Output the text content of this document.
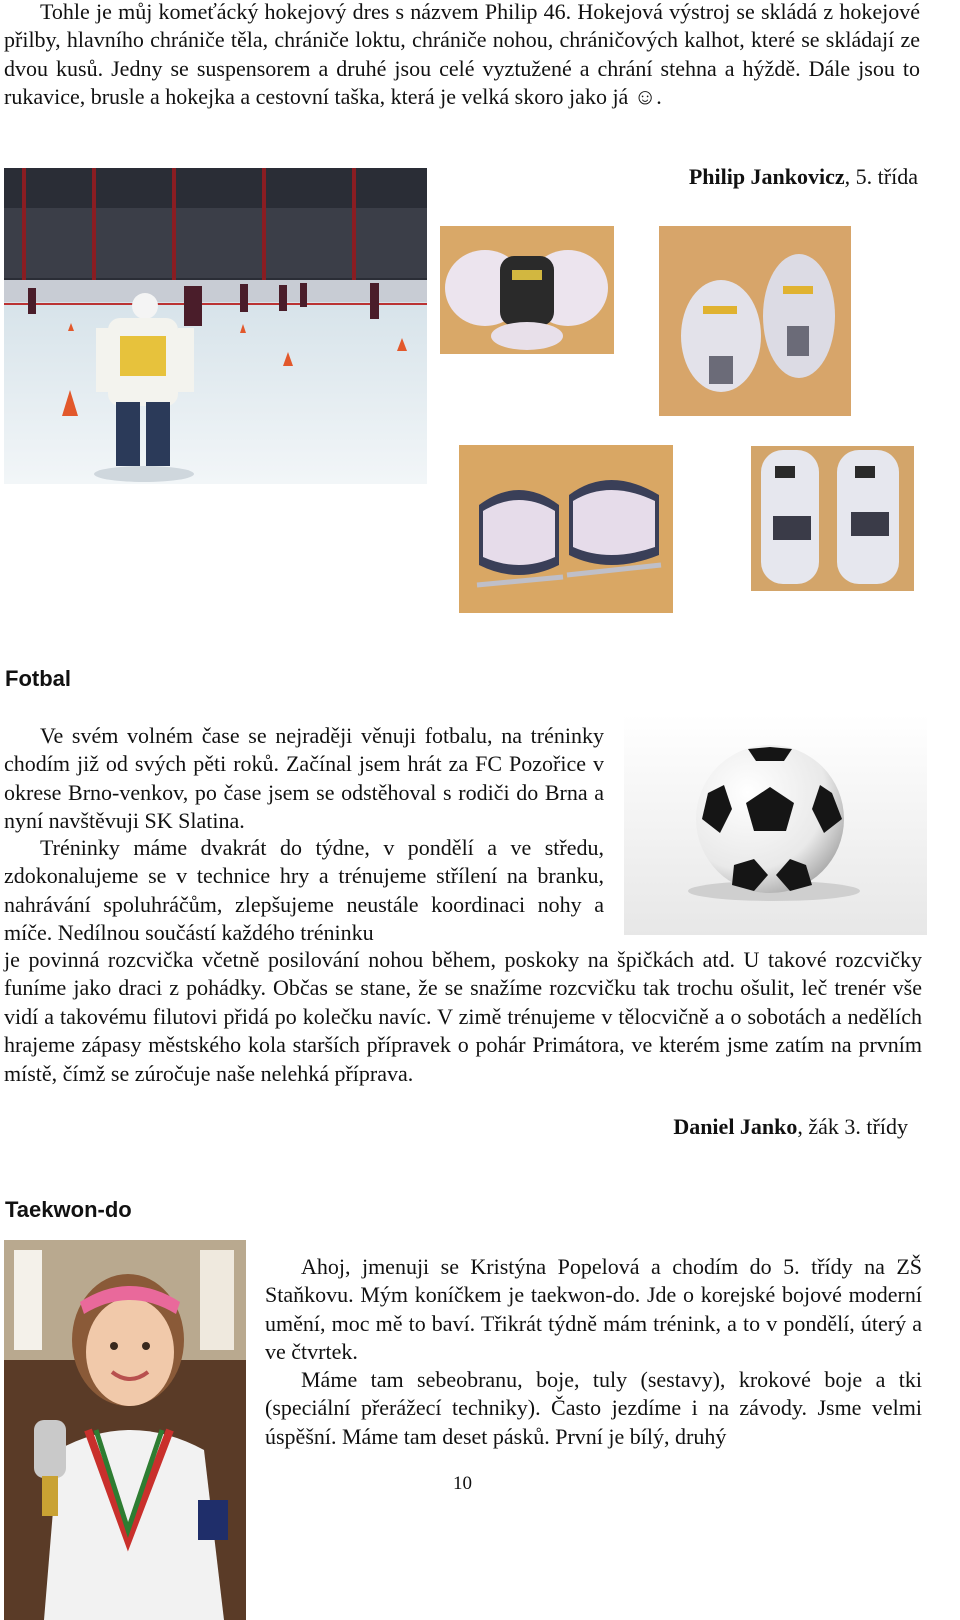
Tohle je můj komeťácký hokejový dres s názvem Philip 46. Hokejová výstroj se skládá z hokejové přilby, hlavního chrániče těla, chrániče loktu, chrániče nohou, chráničových kalhot, které se skládají ze dvou kusů. Jedny se suspensorem a druhé jsou celé vyztužené a chrání stehna a hýždě. Dále jsou to rukavice, brusle a hokejka a cestovní taška, která je velká skoro jako já ☺.

Philip Jankovicz, 5. třída
Fotbal

Ve svém volném čase se nejraději věnuji fotbalu, na tréninky chodím již od svých pěti roků. Začínal jsem hrát za FC Pozořice v okrese Brno-venkov, po čase jsem se odstěhoval s rodiči do Brna a nyní navštěvuji SK Slatina.

Tréninky máme dvakrát do týdne, v pondělí a ve středu, zdokonalujeme se v technice hry a trénujeme střílení na branku, nahrávání spoluhráčům, zlepšujeme neustále koordinaci nohy a míče. Nedílnou součástí každého tréninku

je povinná rozcvička včetně posilování nohou během, poskoky na špičkách atd. U takové rozcvičky funíme jako draci z pohádky. Občas se stane, že se snažíme rozcvičku tak trochu ošulit, leč trenér vše vidí a takovému filutovi přidá po kolečku navíc. V zimě trénujeme v tělocvičně a o sobotách a nedělích hrajeme zápasy městského kola starších přípravek o pohár Primátora, ve kterém jsme zatím na prvním místě, čímž se zúročuje naše nelehká příprava.

Daniel Janko, žák 3. třídy
Taekwon-do

Ahoj, jmenuji se Kristýna Popelová a chodím do 5. třídy na ZŠ Staňkovu. Mým koníčkem je taekwon-do. Jde o korejské bojové moderní umění, moc mě to baví. Třikrát týdně mám trénink, a to v pondělí, úterý a ve čtvrtek.

Máme tam sebeobranu, boje, tuly (sestavy), krokové boje a tki (speciální přerážecí techniky). Často jezdíme i na závody. Jsme velmi úspěšní. Máme tam deset pásků. První je bílý, druhý

10
